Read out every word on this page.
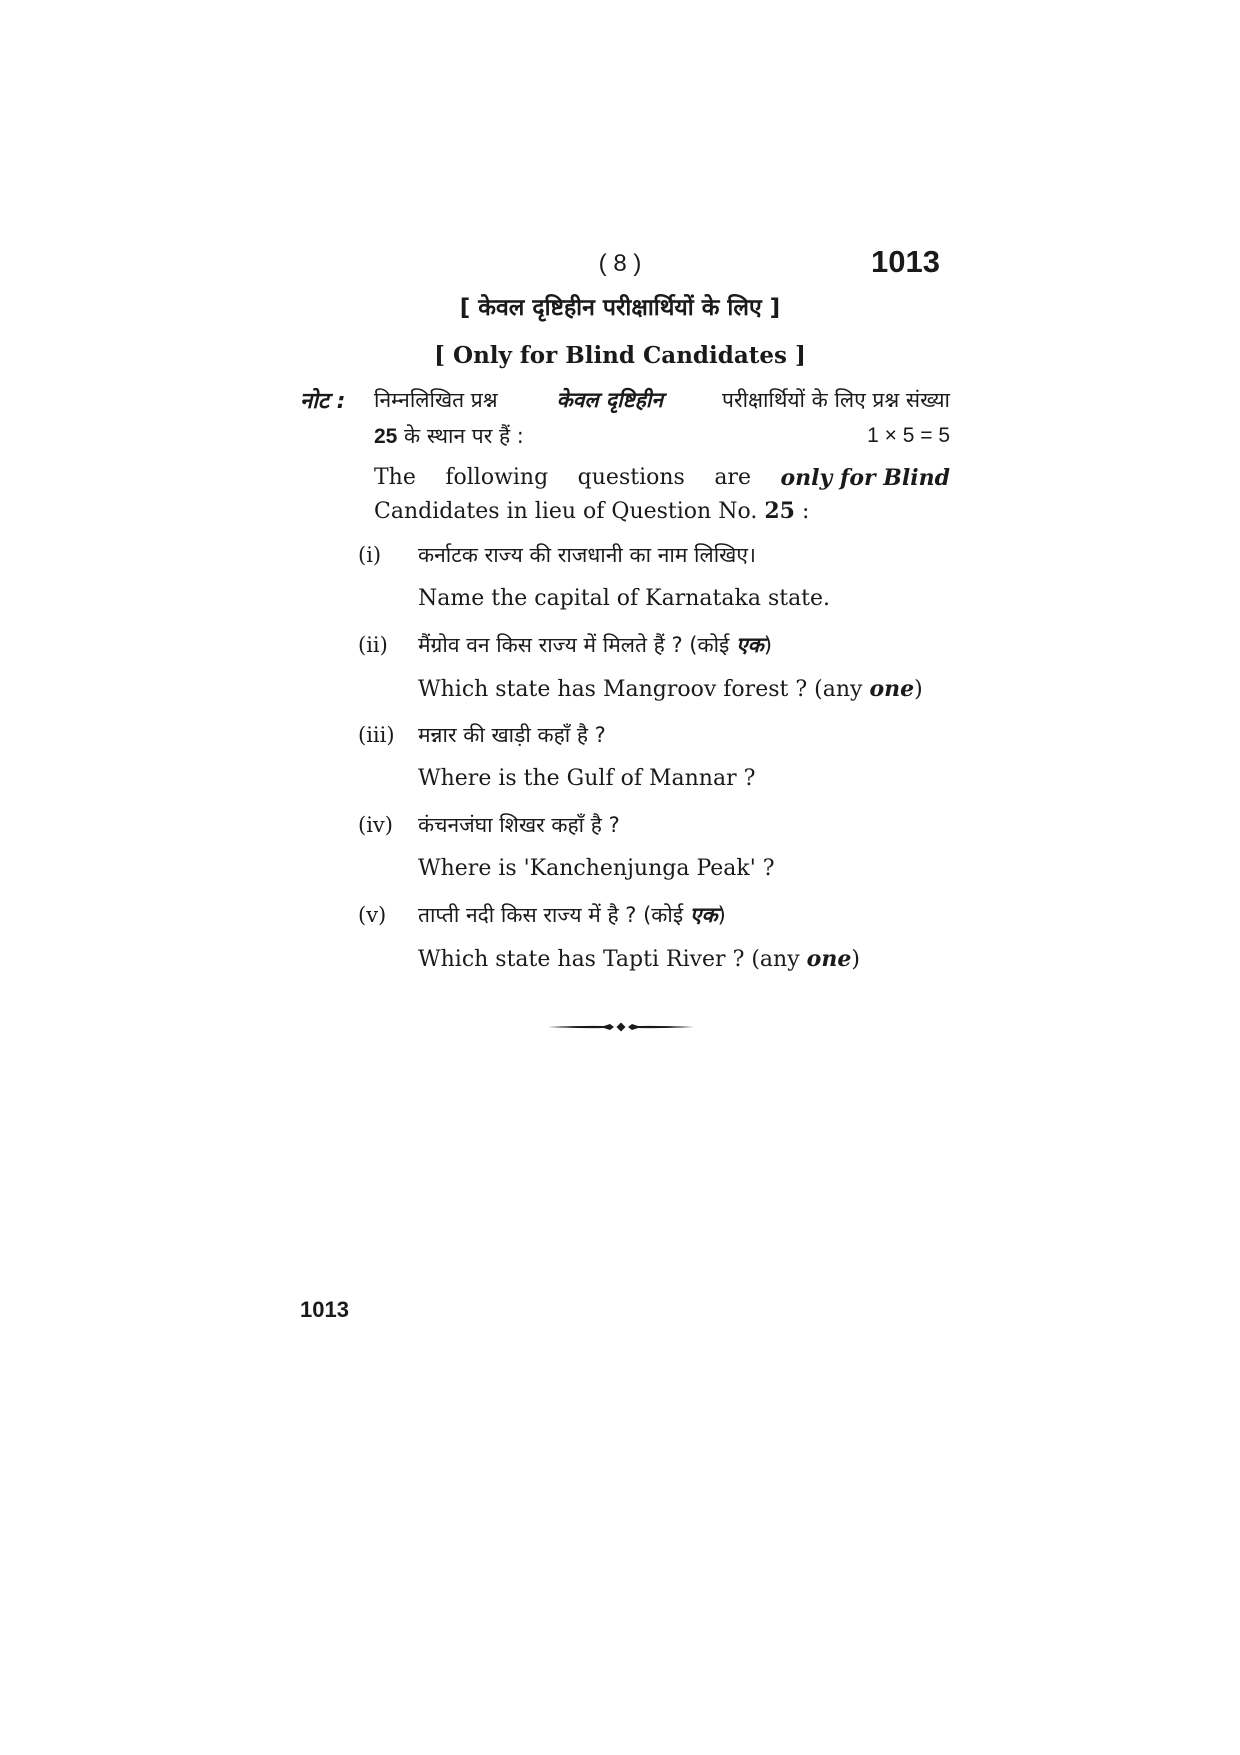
( 8 )	1013
[ केवल दृष्टिहीन परीक्षार्थियों के लिए ]
[ Only for Blind Candidates ]
नोट : निम्नलिखित प्रश्न	केवल दृष्टिहीन	परीक्षार्थियों के लिए प्रश्न संख्या
25 के स्थान पर हैं :	1 × 5 = 5
The following questions are only for Blind
Candidates in lieu of Question No. 25 :
(i) कर्नाटक राज्य की राजधानी का नाम लिखिए।
Name the capital of Karnataka state.
(ii) मैंग्रोव वन किस राज्य में मिलते हैं ? (कोई एक)
Which state has Mangroov forest ? (any one)
(iii) मन्नार की खाड़ी कहाँ है ?
Where is the Gulf of Mannar ?
(iv) कंचनजंघा शिखर कहाँ है ?
Where is 'Kanchenjunga Peak' ?
(v) ताप्ती नदी किस राज्य में है ? (कोई एक)
Which state has Tapti River ? (any one)
1013
